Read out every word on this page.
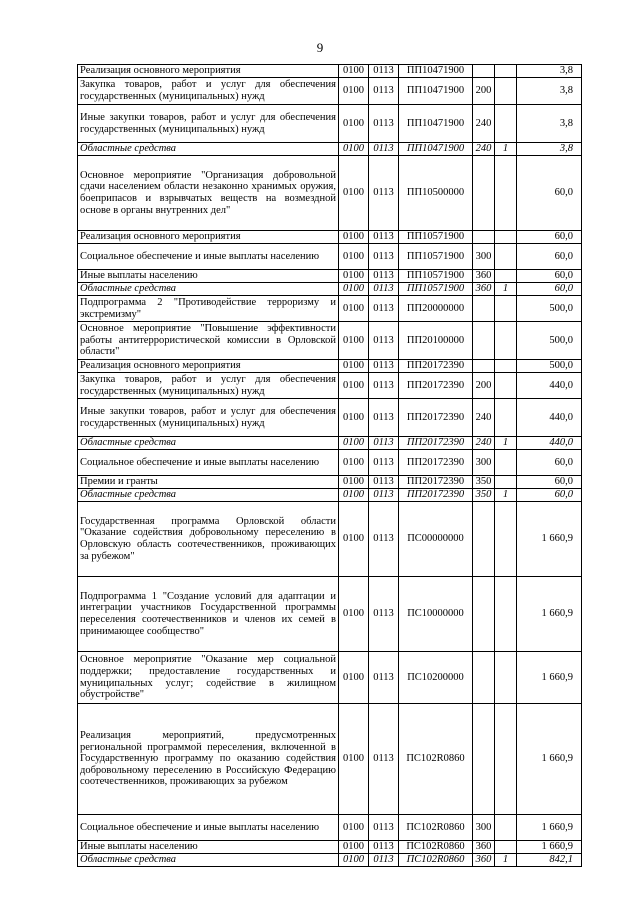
9
Реализация основного мероприятия	0100	0113	ПП10471900			3,8
Закупка товаров, работ и услуг для обеспечения государственных (муниципальных) нужд	0100	0113	ПП10471900	200		3,8
Иные закупки товаров, работ и услуг для обеспечения государственных (муниципальных) нужд	0100	0113	ПП10471900	240		3,8
Областные средства	0100	0113	ПП10471900	240	1	3,8
Основное мероприятие "Организация добровольной сдачи населением области незаконно хранимых оружия, боеприпасов и взрывчатых веществ на возмездной основе в органы внутренних дел"	0100	0113	ПП10500000			60,0
Реализация основного мероприятия	0100	0113	ПП10571900			60,0
Социальное обеспечение и иные выплаты населению	0100	0113	ПП10571900	300		60,0
Иные выплаты населению	0100	0113	ПП10571900	360		60,0
Областные средства	0100	0113	ПП10571900	360	1	60,0
Подпрограмма 2 "Противодействие терроризму и экстремизму"	0100	0113	ПП20000000			500,0
Основное мероприятие "Повышение эффективности работы антитеррористической комиссии в Орловской области"	0100	0113	ПП20100000			500,0
Реализация основного мероприятия	0100	0113	ПП20172390			500,0
Закупка товаров, работ и услуг для обеспечения государственных (муниципальных) нужд	0100	0113	ПП20172390	200		440,0
Иные закупки товаров, работ и услуг для обеспечения государственных (муниципальных) нужд	0100	0113	ПП20172390	240		440,0
Областные средства	0100	0113	ПП20172390	240	1	440,0
Социальное обеспечение и иные выплаты населению	0100	0113	ПП20172390	300		60,0
Премии и гранты	0100	0113	ПП20172390	350		60,0
Областные средства	0100	0113	ПП20172390	350	1	60,0
Государственная программа Орловской области "Оказание содействия добровольному переселению в Орловскую область соотечественников, проживающих за рубежом"	0100	0113	ПС00000000			1 660,9
Подпрограмма 1 "Создание условий для адаптации и интеграции участников Государственной программы переселения соотечественников и членов их семей в принимающее сообщество"	0100	0113	ПС10000000			1 660,9
Основное мероприятие "Оказание мер социальной поддержки; предоставление государственных и муниципальных услуг; содействие в жилищном обустройстве"	0100	0113	ПС10200000			1 660,9
Реализация мероприятий, предусмотренных региональной программой переселения, включенной в Государственную программу по оказанию содействия добровольному переселению в Российскую Федерацию соотечественников, проживающих за рубежом	0100	0113	ПС102R0860			1 660,9
Социальное обеспечение и иные выплаты населению	0100	0113	ПС102R0860	300		1 660,9
Иные выплаты населению	0100	0113	ПС102R0860	360		1 660,9
Областные средства	0100	0113	ПС102R0860	360	1	842,1
